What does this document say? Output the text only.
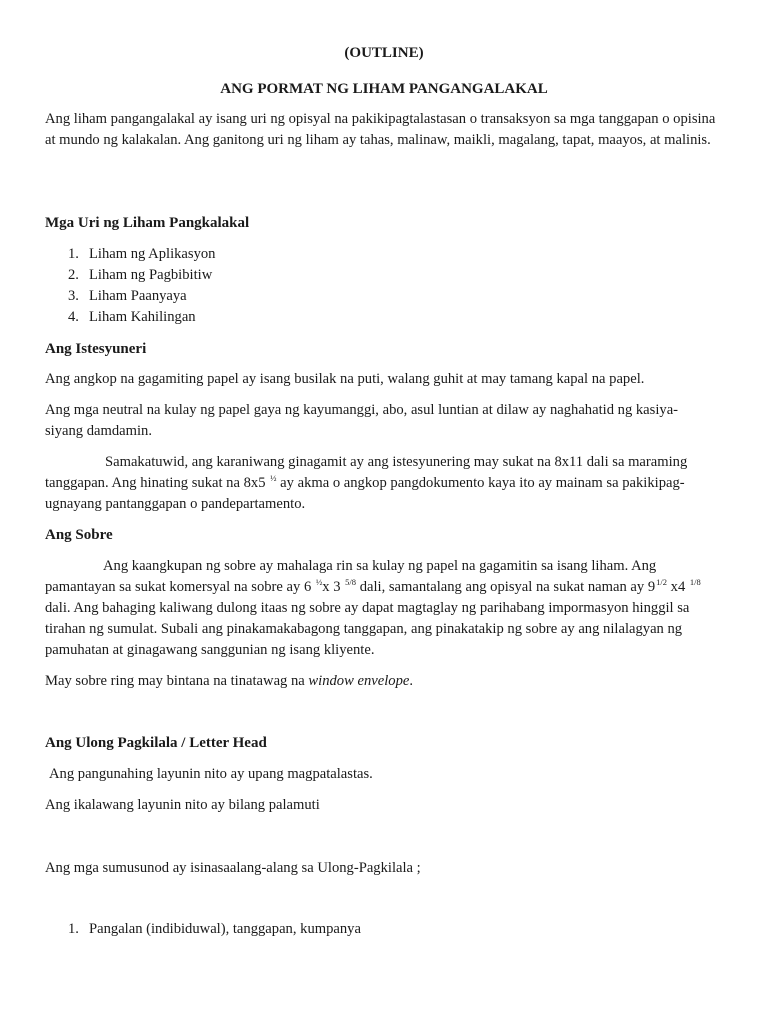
(OUTLINE)

ANG PORMAT NG LIHAM PANGANGALAKAL

Ang liham pangangalakal ay isang uri ng opisyal na pakikipagtalastasan o transaksyon sa mga tanggapan o opisina at mundo ng kalakalan. Ang ganitong uri ng liham ay tahas, malinaw, maikli, magalang, tapat, maayos, at malinis.

Mga Uri ng Liham Pangkalakal

1. Liham ng Aplikasyon
2. Liham ng Pagbibitiw
3. Liham Paanyaya
4. Liham Kahilingan

Ang Istesyuneri

Ang angkop na gagamiting papel ay isang busilak na puti, walang guhit at may tamang kapal na papel.

Ang mga neutral na kulay ng papel gaya ng kayumanggi, abo, asul luntian at dilaw ay naghahatid ng kasiya-siyang damdamin.

Samakatuwid, ang karaniwang ginagamit ay ang istesyunering may sukat na 8x11 dali sa maraming tanggapan. Ang hinating sukat na 8x5 $^{\frac{1}{2}}$ ay akma o angkop pangdokumento kaya ito ay mainam sa pakikipag-ugnayang pantanggapan o pandepartamento.

Ang Sobre

Ang kaangkupan ng sobre ay mahalaga rin sa kulay ng papel na gagamitin sa isang liham. Ang pamantayan sa sukat komersyal na sobre ay 6 $^{\frac{1}{2}}$x 3 $^{5/8}$ dali, samantalang ang opisyal na sukat naman ay $9^{1/2}$ x4 $^{1/8}$ dali. Ang bahaging kaliwang dulong itaas ng sobre ay dapat magtaglay ng parihabang impormasyon hinggil sa tirahan ng sumulat. Subali ang pinakamakabagong tanggapan, ang pinakatakip ng sobre ay ang nilalagyan ng pamuhatan at ginagawang sanggunian ng isang kliyente.

May sobre ring may bintana na tinatawag na window envelope.

Ang Ulong Pagkilala / Letter Head

Ang pangunahing layunin nito ay upang magpatalastas.

Ang ikalawang layunin nito ay bilang palamuti

Ang mga sumusunod ay isinasaalang-alang sa Ulong-Pagkilala ;

1. Pangalan (indibiduwal), tanggapan, kumpanya
